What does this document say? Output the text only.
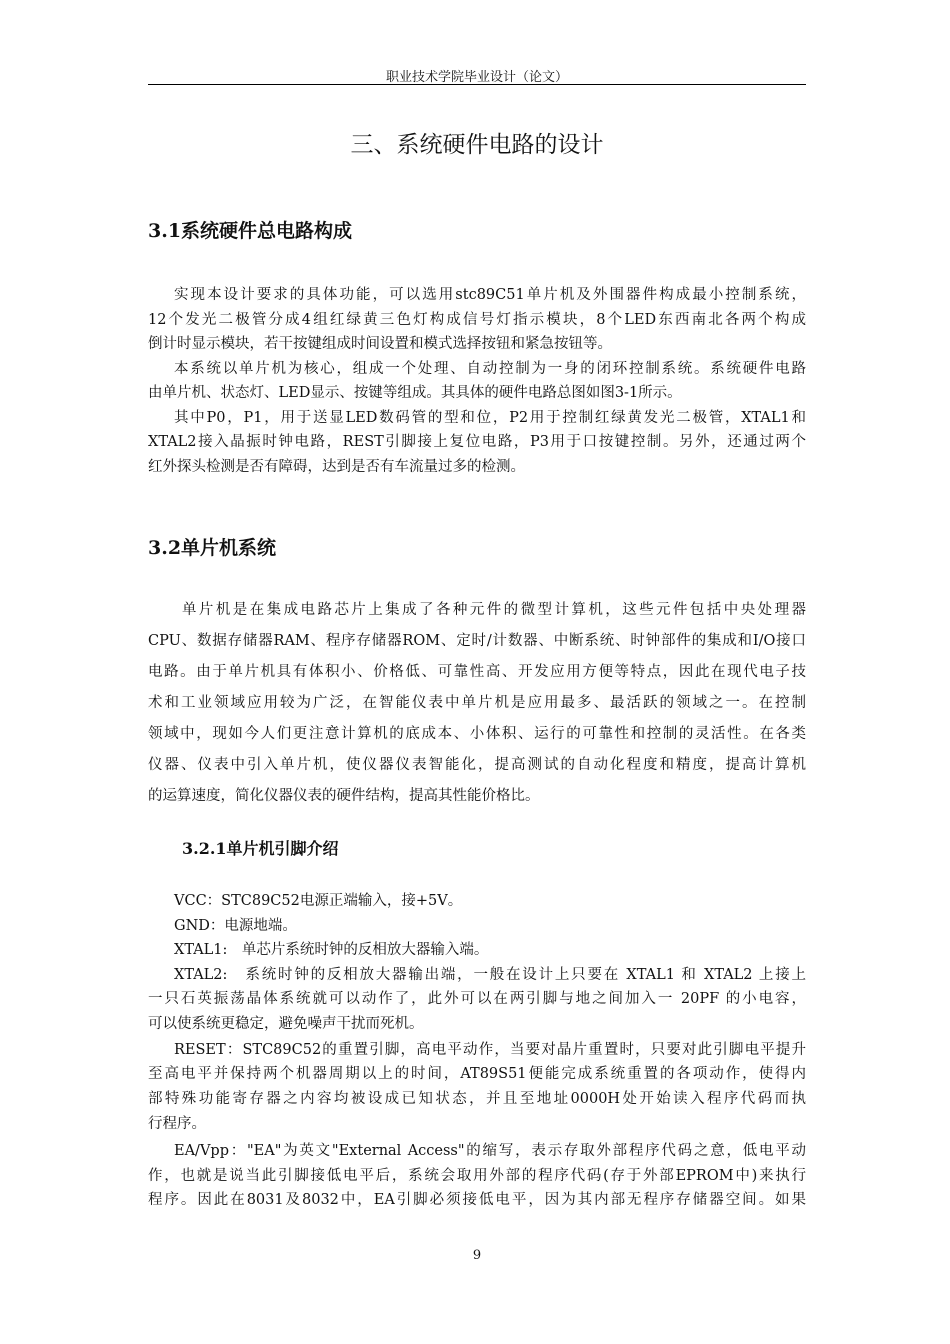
职业技术学院毕业设计（论文）
三、系统硬件电路的设计
3.1系统硬件总电路构成
实现本设计要求的具体功能，可以选用stc89C51单片机及外围器件构成最小控制系统，
12个发光二极管分成4组红绿黄三色灯构成信号灯指示模块，8个LED东西南北各两个构成
倒计时显示模块，若干按键组成时间设置和模式选择按钮和紧急按钮等。
本系统以单片机为核心，组成一个处理、自动控制为一身的闭环控制系统。系统硬件电路
由单片机、状态灯、LED显示、按键等组成。其具体的硬件电路总图如图3-1所示。
其中P0，P1，用于送显LED数码管的型和位，P2用于控制红绿黄发光二极管，XTAL1和
XTAL2接入晶振时钟电路，REST引脚接上复位电路，P3用于口按键控制。另外，还通过两个
红外探头检测是否有障碍，达到是否有车流量过多的检测。
3.2单片机系统
单片机是在集成电路芯片上集成了各种元件的微型计算机，这些元件包括中央处理器
CPU、数据存储器RAM、程序存储器ROM、定时/计数器、中断系统、时钟部件的集成和I/O接口
电路。由于单片机具有体积小、价格低、可靠性高、开发应用方便等特点，因此在现代电子技
术和工业领域应用较为广泛，在智能仪表中单片机是应用最多、最活跃的领域之一。在控制
领域中，现如今人们更注意计算机的底成本、小体积、运行的可靠性和控制的灵活性。在各类
仪器、仪表中引入单片机，使仪器仪表智能化，提高测试的自动化程度和精度，提高计算机
的运算速度，简化仪器仪表的硬件结构，提高其性能价格比。
3.2.1单片机引脚介绍
VCC：STC89C52电源正端输入，接+5V。
GND：电源地端。
XTAL1:　单芯片系统时钟的反相放大器输入端。
XTAL2:　系统时钟的反相放大器输出端，一般在设计上只要在 XTAL1 和 XTAL2 上接上
一只石英振荡晶体系统就可以动作了，此外可以在两引脚与地之间加入一 20PF 的小电容，
可以使系统更稳定，避免噪声干扰而死机。
RESET：STC89C52的重置引脚，高电平动作，当要对晶片重置时，只要对此引脚电平提升
至高电平并保持两个机器周期以上的时间，AT89S51便能完成系统重置的各项动作，使得内
部特殊功能寄存器之内容均被设成已知状态，并且至地址0000H处开始读入程序代码而执
行程序。
EA/Vpp："EA"为英文"External Access"的缩写，表示存取外部程序代码之意，低电平动
作，也就是说当此引脚接低电平后，系统会取用外部的程序代码(存于外部EPROM中)来执行
程序。因此在8031及8032中，EA引脚必须接低电平，因为其内部无程序存储器空间。如果
9
